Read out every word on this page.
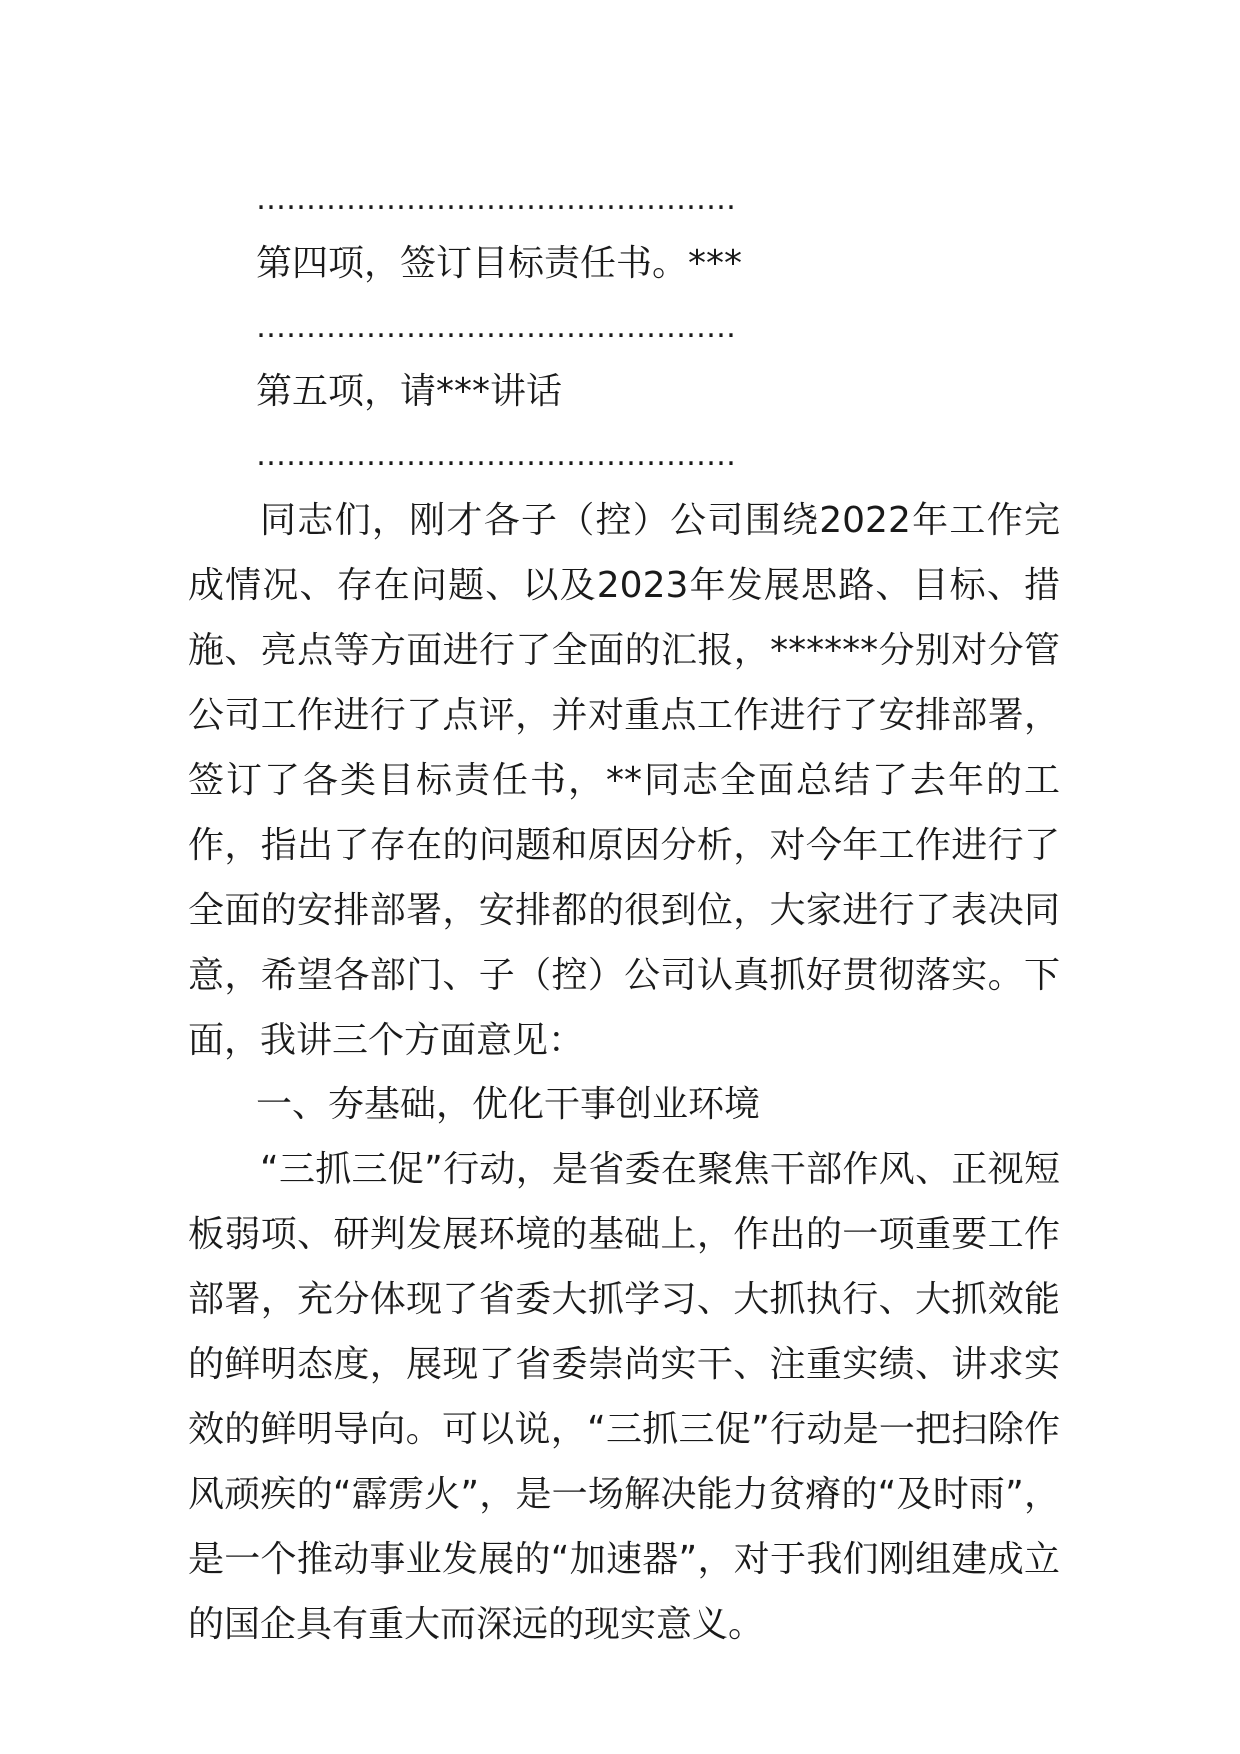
…………………………………………
第四项，签订目标责任书。***
…………………………………………
第五项，请***讲话
…………………………………………

同志们，刚才各子（控）公司围绕2022年工作完成情况、存在问题、以及2023年发展思路、目标、措施、亮点等方面进行了全面的汇报，******分别对分管公司工作进行了点评，并对重点工作进行了安排部署，签订了各类目标责任书，**同志全面总结了去年的工作，指出了存在的问题和原因分析，对今年工作进行了全面的安排部署，安排都的很到位，大家进行了表决同意，希望各部门、子（控）公司认真抓好贯彻落实。下面，我讲三个方面意见：

一、夯基础，优化干事创业环境

“三抓三促”行动，是省委在聚焦干部作风、正视短板弱项、研判发展环境的基础上，作出的一项重要工作部署，充分体现了省委大抓学习、大抓执行、大抓效能的鲜明态度，展现了省委崇尚实干、注重实绩、讲求实效的鲜明导向。可以说，“三抓三促”行动是一把扫除作风顽疾的“霹雳火”，是一场解决能力贫瘠的“及时雨”，是一个推动事业发展的“加速器”，对于我们刚组建成立的国企具有重大而深远的现实意义。
